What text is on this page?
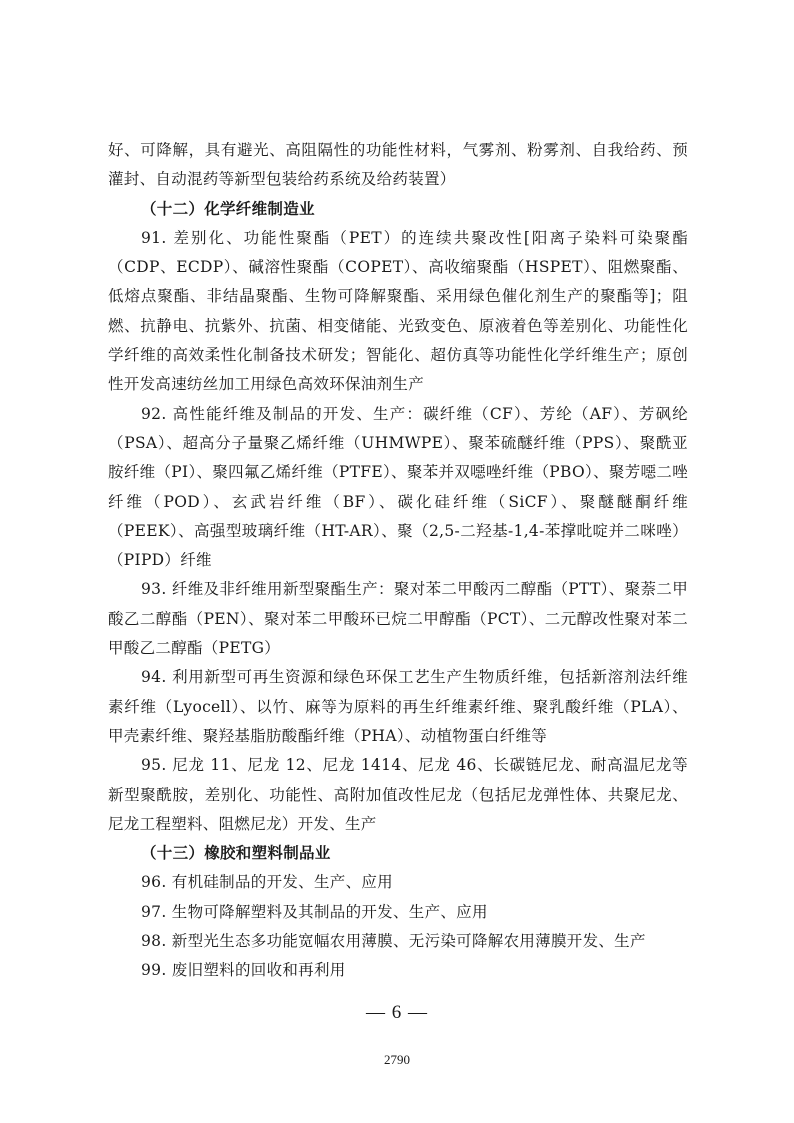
好、可降解，具有避光、高阻隔性的功能性材料，气雾剂、粉雾剂、自我给药、预灌封、自动混药等新型包装给药系统及给药装置）

（十二）化学纤维制造业

91. 差别化、功能性聚酯（PET）的连续共聚改性[阳离子染料可染聚酯（CDP、ECDP）、碱溶性聚酯（COPET）、高收缩聚酯（HSPET）、阻燃聚酯、低熔点聚酯、非结晶聚酯、生物可降解聚酯、采用绿色催化剂生产的聚酯等]；阻燃、抗静电、抗紫外、抗菌、相变储能、光致变色、原液着色等差别化、功能性化学纤维的高效柔性化制备技术研发；智能化、超仿真等功能性化学纤维生产；原创性开发高速纺丝加工用绿色高效环保油剂生产

92. 高性能纤维及制品的开发、生产：碳纤维（CF）、芳纶（AF）、芳砜纶（PSA）、超高分子量聚乙烯纤维（UHMWPE）、聚苯硫醚纤维（PPS）、聚酰亚胺纤维（PI）、聚四氟乙烯纤维（PTFE）、聚苯并双噁唑纤维（PBO）、聚芳噁二唑纤维（POD）、玄武岩纤维（BF）、碳化硅纤维（SiCF）、聚醚醚酮纤维（PEEK）、高强型玻璃纤维（HT-AR）、聚（2,5-二羟基-1,4-苯撑吡啶并二咪唑）（PIPD）纤维

93. 纤维及非纤维用新型聚酯生产：聚对苯二甲酸丙二醇酯（PTT）、聚萘二甲酸乙二醇酯（PEN）、聚对苯二甲酸环已烷二甲醇酯（PCT）、二元醇改性聚对苯二甲酸乙二醇酯（PETG）

94. 利用新型可再生资源和绿色环保工艺生产生物质纤维，包括新溶剂法纤维素纤维（Lyocell）、以竹、麻等为原料的再生纤维素纤维、聚乳酸纤维（PLA）、甲壳素纤维、聚羟基脂肪酸酯纤维（PHA）、动植物蛋白纤维等

95. 尼龙 11、尼龙 12、尼龙 1414、尼龙 46、长碳链尼龙、耐高温尼龙等新型聚酰胺，差别化、功能性、高附加值改性尼龙（包括尼龙弹性体、共聚尼龙、尼龙工程塑料、阻燃尼龙）开发、生产

（十三）橡胶和塑料制品业

96. 有机硅制品的开发、生产、应用

97. 生物可降解塑料及其制品的开发、生产、应用

98. 新型光生态多功能宽幅农用薄膜、无污染可降解农用薄膜开发、生产

99. 废旧塑料的回收和再利用

— 6 —
2790
